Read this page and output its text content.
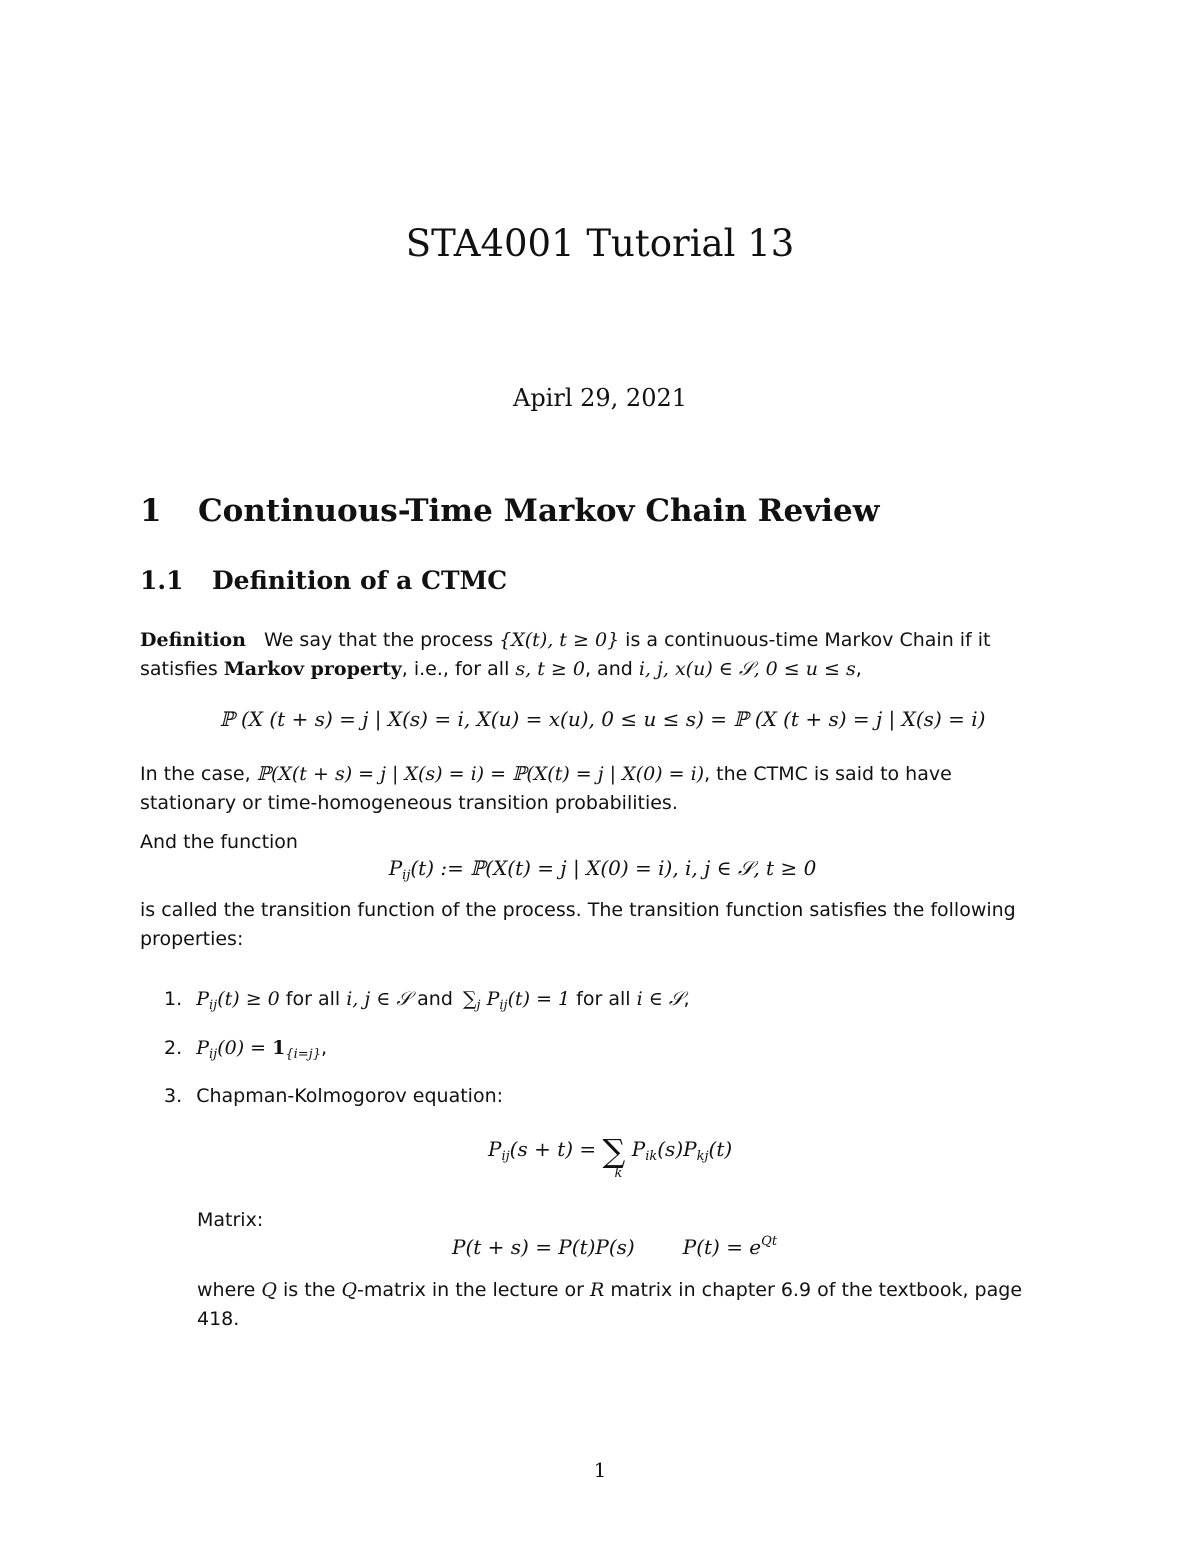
STA4001 Tutorial 13
Apirl 29, 2021
1 Continuous-Time Markov Chain Review
1.1 Definition of a CTMC

Definition We say that the process {X(t), t ≥ 0} is a continuous-time Markov Chain if it
satisfies Markov property, i.e., for all s, t ≥ 0, and i, j, x(u) ∈ 𝒮, 0 ≤ u ≤ s,

ℙ (X (t + s) = j | X(s) = i, X(u) = x(u), 0 ≤ u ≤ s) = ℙ (X (t + s) = j | X(s) = i)

In the case, ℙ(X(t + s) = j | X(s) = i) = ℙ(X(t) = j | X(0) = i), the CTMC is said to have
stationary or time-homogeneous transition probabilities.

And the function
$P_{ij}(t)$ := ℙ(X(t) = j | X(0) = i), i, j ∈ 𝒮, t ≥ 0

is called the transition function of the process. The transition function satisfies the following
properties:

1. $P_{ij}(t) \ge 0$ for all i, j ∈ 𝒮 and $\sum_j$ $P_{ij}(t) = 1$ for all i ∈ 𝒮,
2. $P_{ij}(0) = 1_{\{i=j\}}$,
3. Chapman-Kolmogorov equation:
$P_{ij}(s + t)$ = ∑
k
$P_{ik}(s)P_{kj}(t)$
Matrix:
P(t + s) = P(t)P(s) $P(t) = e^{Qt}$

where Q is the Q-matrix in the lecture or R matrix in chapter 6.9 of the textbook, page
418.

1
